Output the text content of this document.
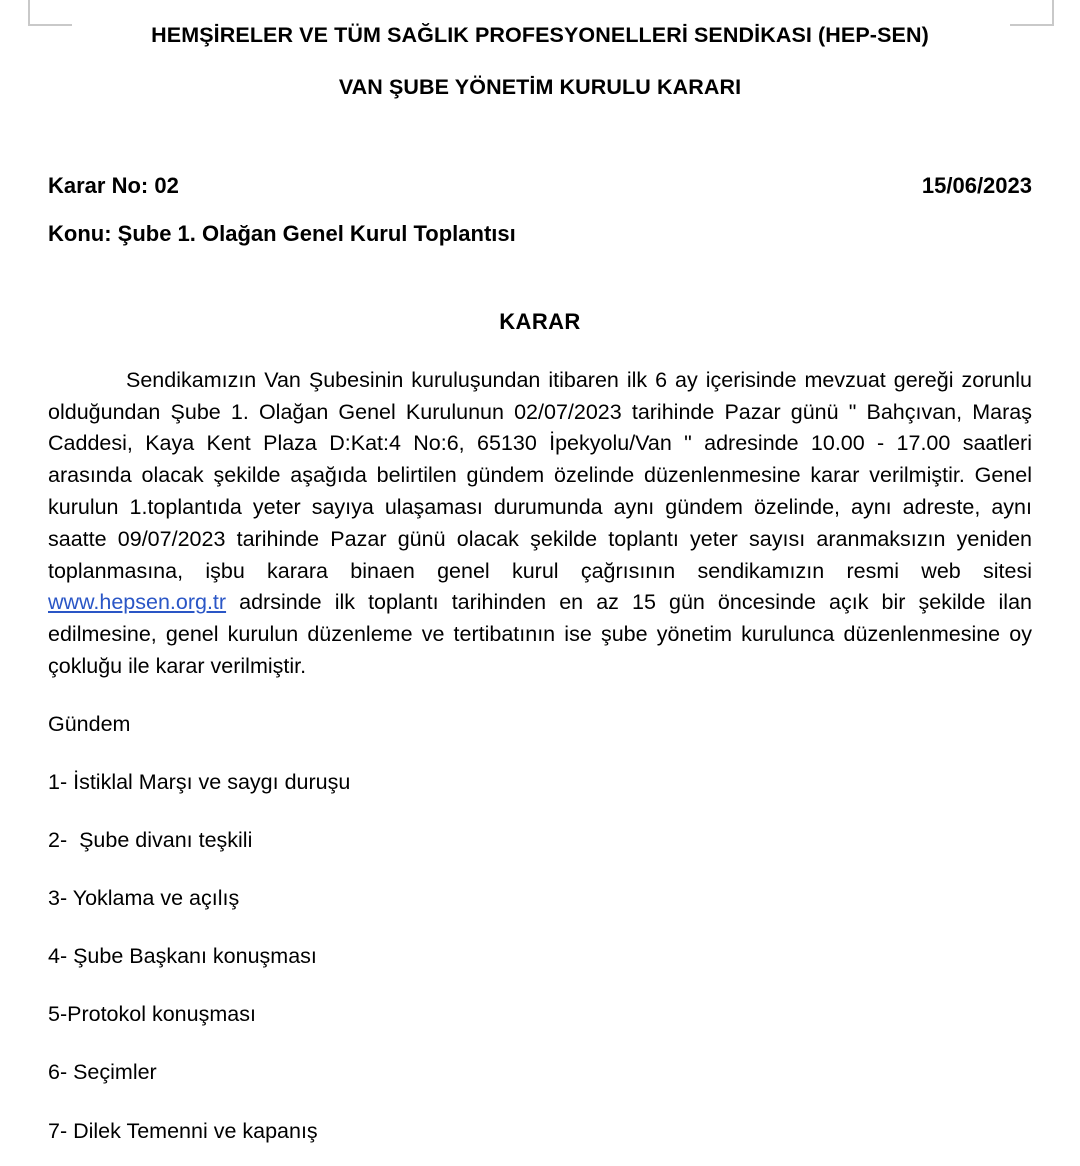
HEMŞİRELER VE TÜM SAĞLIK PROFESYONELLERİ SENDİKASI (HEP-SEN)
VAN ŞUBE YÖNETİM KURULU KARARI
Karar No: 02	15/06/2023
Konu: Şube 1. Olağan Genel Kurul Toplantısı
KARAR

Sendikamızın Van Şubesinin kuruluşundan itibaren ilk 6 ay içerisinde mevzuat gereği zorunlu olduğundan Şube 1. Olağan Genel Kurulunun 02/07/2023 tarihinde Pazar günü " Bahçıvan, Maraş Caddesi, Kaya Kent Plaza D:Kat:4 No:6, 65130 İpekyolu/Van " adresinde 10.00 - 17.00 saatleri arasında olacak şekilde aşağıda belirtilen gündem özelinde düzenlenmesine karar verilmiştir. Genel kurulun 1.toplantıda yeter sayıya ulaşaması durumunda aynı gündem özelinde, aynı adreste, aynı saatte 09/07/2023 tarihinde Pazar günü olacak şekilde toplantı yeter sayısı aranmaksızın yeniden toplanmasına, işbu karara binaen genel kurul çağrısının sendikamızın resmi web sitesi www.hepsen.org.tr adrsinde ilk toplantı tarihinden en az 15 gün öncesinde açık bir şekilde ilan edilmesine, genel kurulun düzenleme ve tertibatının ise şube yönetim kurulunca düzenlenmesine oy çokluğu ile karar verilmiştir.

Gündem
1- İstiklal Marşı ve saygı duruşu
2-  Şube divanı teşkili
3- Yoklama ve açılış
4- Şube Başkanı konuşması
5-Protokol konuşması
6- Seçimler
7- Dilek Temenni ve kapanış
